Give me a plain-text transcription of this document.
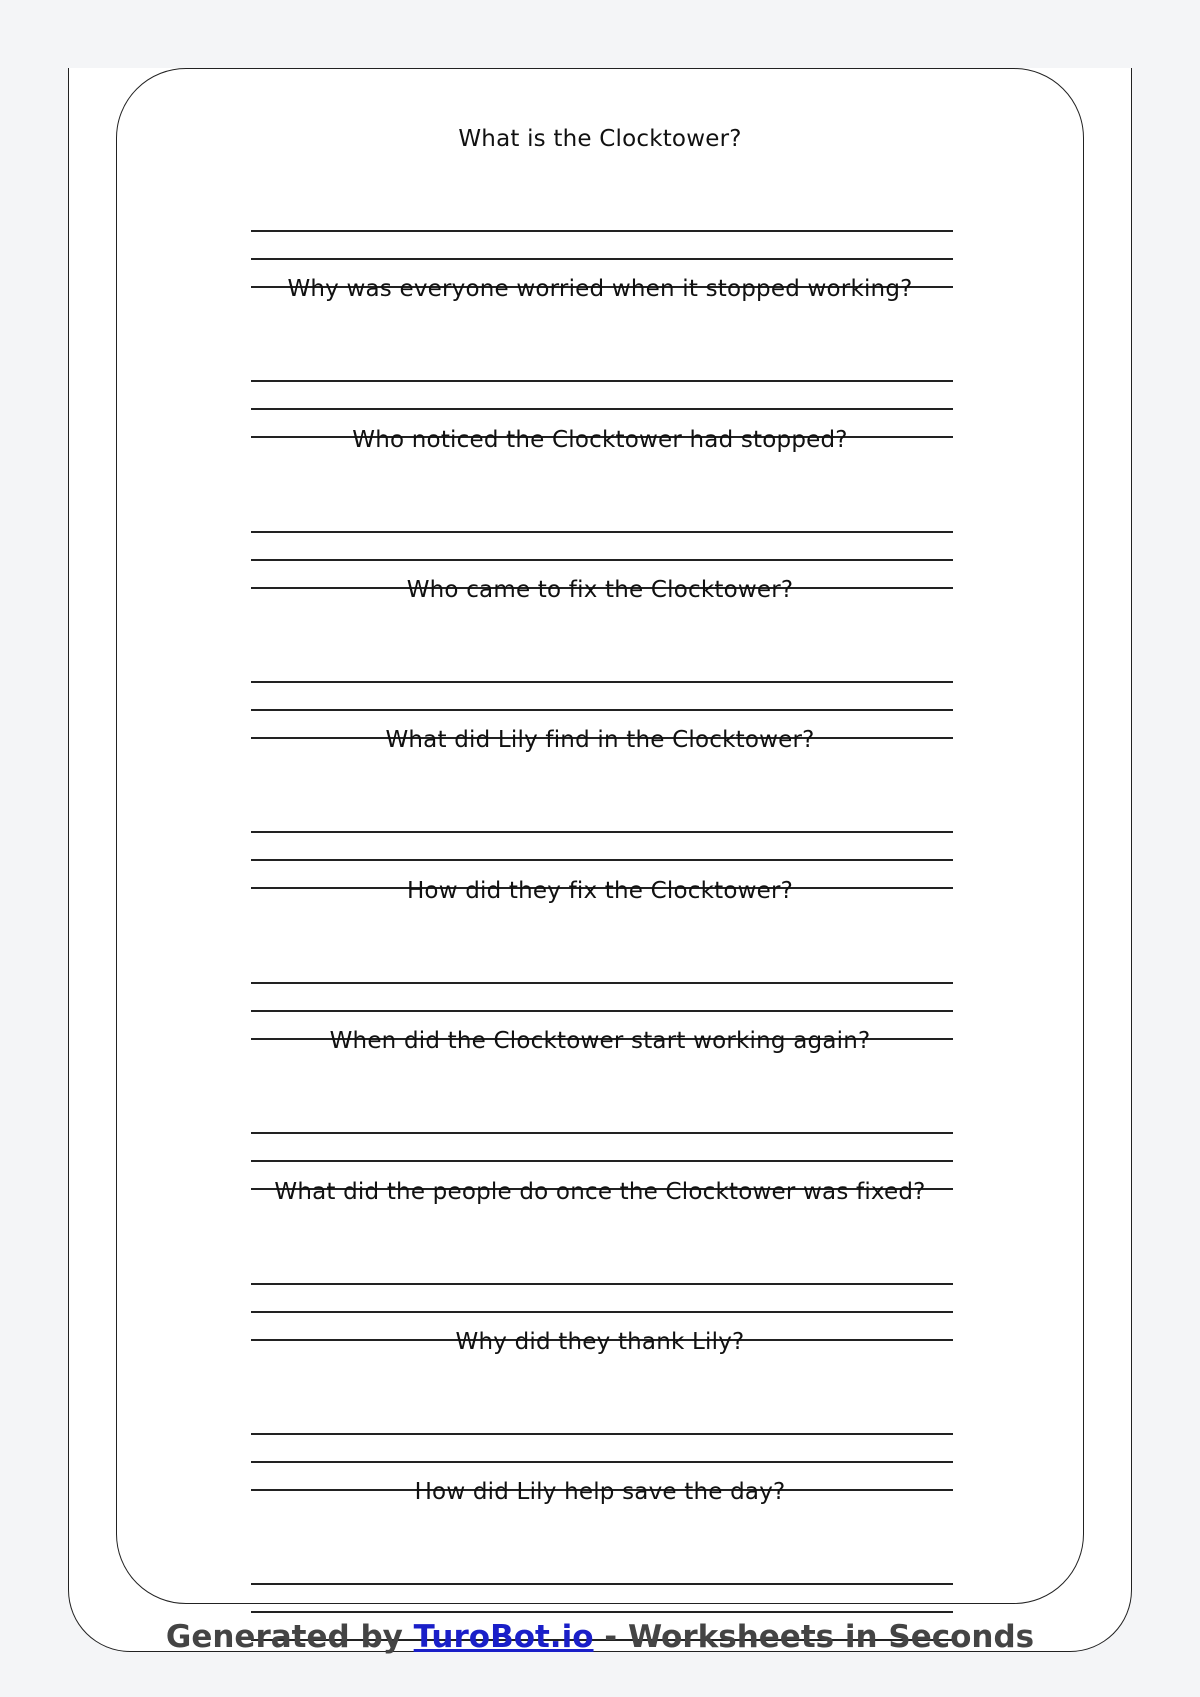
What is the Clocktower?
Why was everyone worried when it stopped working?
Who noticed the Clocktower had stopped?
Who came to fix the Clocktower?
What did Lily find in the Clocktower?
How did they fix the Clocktower?
When did the Clocktower start working again?
What did the people do once the Clocktower was fixed?
Why did they thank Lily?
How did Lily help save the day?
Generated by TuroBot.io - Worksheets in Seconds
